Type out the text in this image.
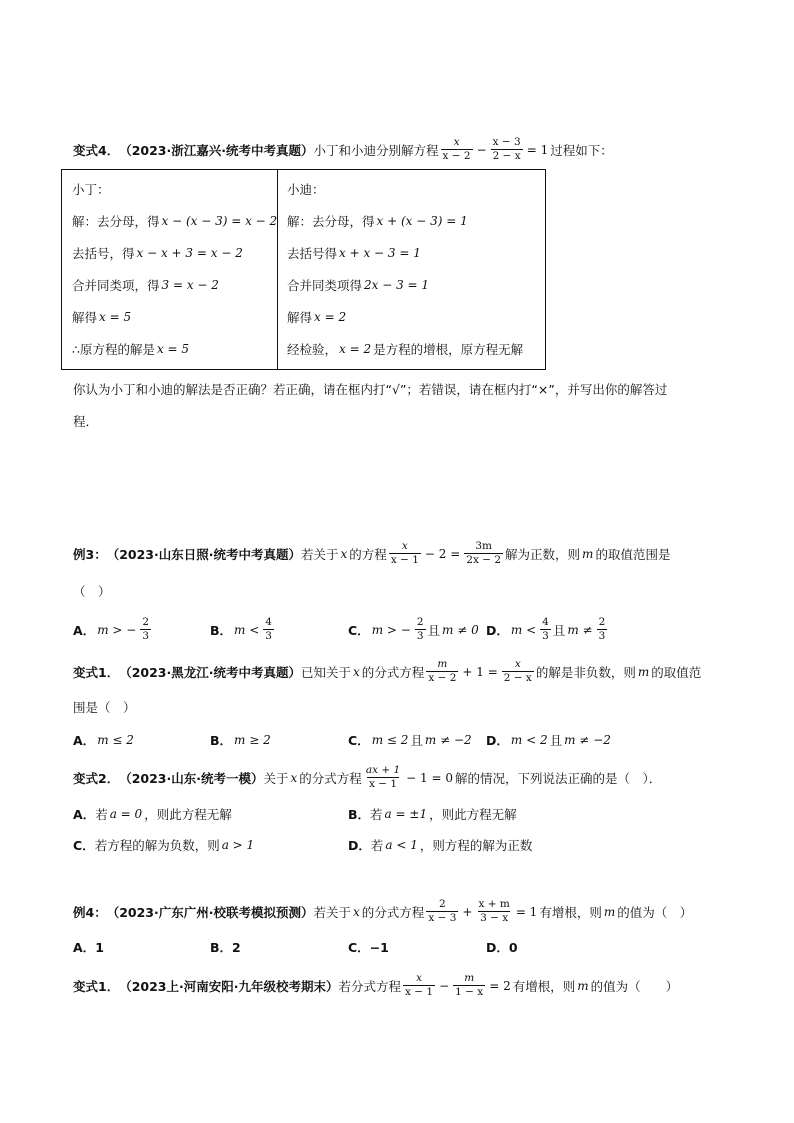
变式4． （2023·浙江嘉兴·统考中考真题） 小丁和小迪分别解方程 $\frac{x}{x - 2} - \frac{x - 3}{2 - x} = 1$ 过程如下：
小丁：
解：去分母，得 x − (x − 3) = x − 2
去括号，得 x − x + 3 = x − 2
合并同类项，得 3 = x − 2
解得 x = 5
∴原方程的解是 x = 5
小迪：
解：去分母，得 x + (x − 3) = 1
去括号得 x + x − 3 = 1
合并同类项得 2x − 3 = 1
解得 x = 2
经检验， x = 2 是方程的增根，原方程无解
你认为小丁和小迪的解法是否正确？若正确，请在框内打“√”；若错误，请在框内打“×”，并写出你的解答过
程．
例3： （2023·山东日照·统考中考真题） 若关于 x 的方程 $\frac{x}{x - 1} - 2 = \frac{3m}{2x - 2}$ 解为正数，则 m 的取值范围是
（　）
A． m > − $\frac{2}{3}$	B． $m < \frac{4}{3}$	C． m > − $\frac{2}{3}$ 且 m ≠ 0 D． $m < \frac{4}{3}$ 且 $m \ne \frac{2}{3}$
变式1． （2023·黑龙江·统考中考真题） 已知关于 x 的分式方程 $\frac{m}{x - 2} + 1 = \frac{x}{2 - x}$ 的解是非负数，则 m 的取值范
围是（　）
A． m ≤ 2	B． m ≥ 2	C． m ≤ 2 且 m ≠ −2 D． m < 2 且 m ≠ −2
变式2． （2023·山东·统考一模） 关于 x 的分式方程 $\frac{ax + 1}{x - 1} - 1 = 0$ 解的情况，下列说法正确的是（　）．
A． 若 a = 0 ，则此方程无解	B． 若 a = ±1 ，则此方程无解
C． 若方程的解为负数，则 a > 1	D． 若 a < 1 ，则方程的解为正数
例4： （2023·广东广州·校联考模拟预测） 若关于 x 的分式方程 $\frac{2}{x - 3} + \frac{x + m}{3 - x} = 1$ 有增根，则 m 的值为（　）
A． 1	B． 2	C． −1	D． 0
变式1． （2023上·河南安阳·九年级校考期末） 若分式方程 $\frac{x}{x - 1} - \frac{m}{1 - x} = 2$ 有增根，则 m 的值为（　　）
